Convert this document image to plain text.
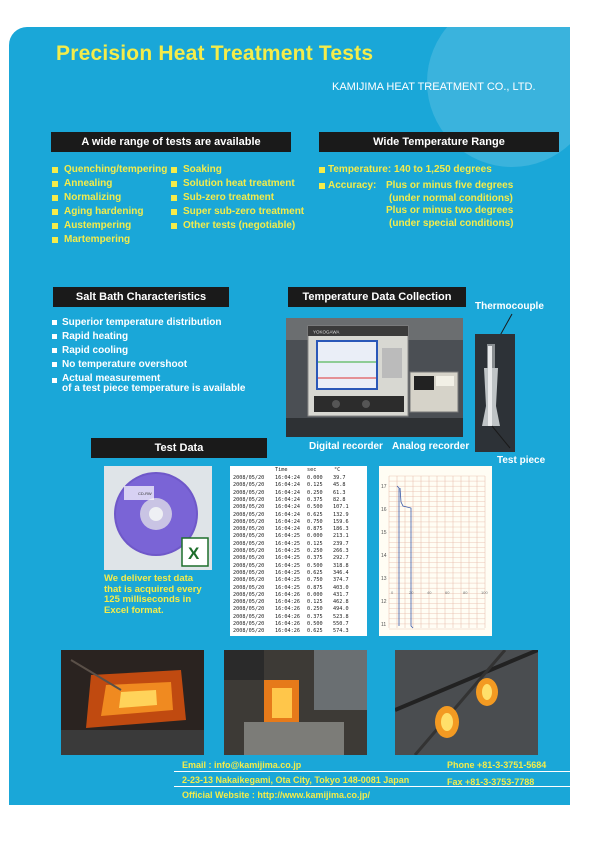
Precision Heat Treatment Tests
KAMIJIMA HEAT TREATMENT CO., LTD.
A wide range of tests are available
Quenching/tempering
Annealing
Normalizing
Aging hardening
Austempering
Martempering
Soaking
Solution heat treatment
Sub-zero treatment
Super sub-zero treatment
Other tests (negotiable)
Wide Temperature Range
Temperature: 140 to 1,250 degrees
Accuracy: Plus or minus five degrees
(under normal conditions)
Plus or minus two degrees
(under special conditions)
Salt Bath Characteristics
Superior temperature distribution
Rapid heating
Rapid cooling
No temperature overshoot
Actual measurement
of a test piece temperature is available
Temperature Data Collection
YOKOGAWA
Digital recorder Analog recorder
Thermocouple
Test piece
Test Data
CD-RW
X
We deliver test data
that is acquired every
125 milliseconds in
Excel format.
Time	sec	°C
2008/05/20 16:04:24 0.000 39.7
2008/05/20 16:04:24 0.125 45.8
2008/05/20 16:04:24 0.250 61.3
2008/05/20 16:04:24 0.375 82.8
2008/05/20 16:04:24 0.500 107.1
2008/05/20 16:04:24 0.625 132.9
2008/05/20 16:04:24 0.750 159.6
2008/05/20 16:04:24 0.875 186.3
2008/05/20 16:04:25 0.000 213.1
2008/05/20 16:04:25 0.125 239.7
2008/05/20 16:04:25 0.250 266.3
2008/05/20 16:04:25 0.375 292.7
2008/05/20 16:04:25 0.500 318.8
2008/05/20 16:04:25 0.625 346.4
2008/05/20 16:04:25 0.750 374.7
2008/05/20 16:04:25 0.875 403.0
2008/05/20 16:04:26 0.000 431.7
2008/05/20 16:04:26 0.125 462.8
2008/05/20 16:04:26 0.250 494.0
2008/05/20 16:04:26 0.375 523.8
2008/05/20 16:04:26 0.500 550.7
2008/05/20 16:04:26 0.625 574.3
17
16
15
14
13
12
11
0	20	40	60	80	100
Email : info@kamijima.co.jp
2-23-13 Nakaikegami, Ota City, Tokyo 148-0081 Japan
Official Website : http://www.kamijima.co.jp/
Phone +81-3-3751-5684
Fax +81-3-3753-7788
